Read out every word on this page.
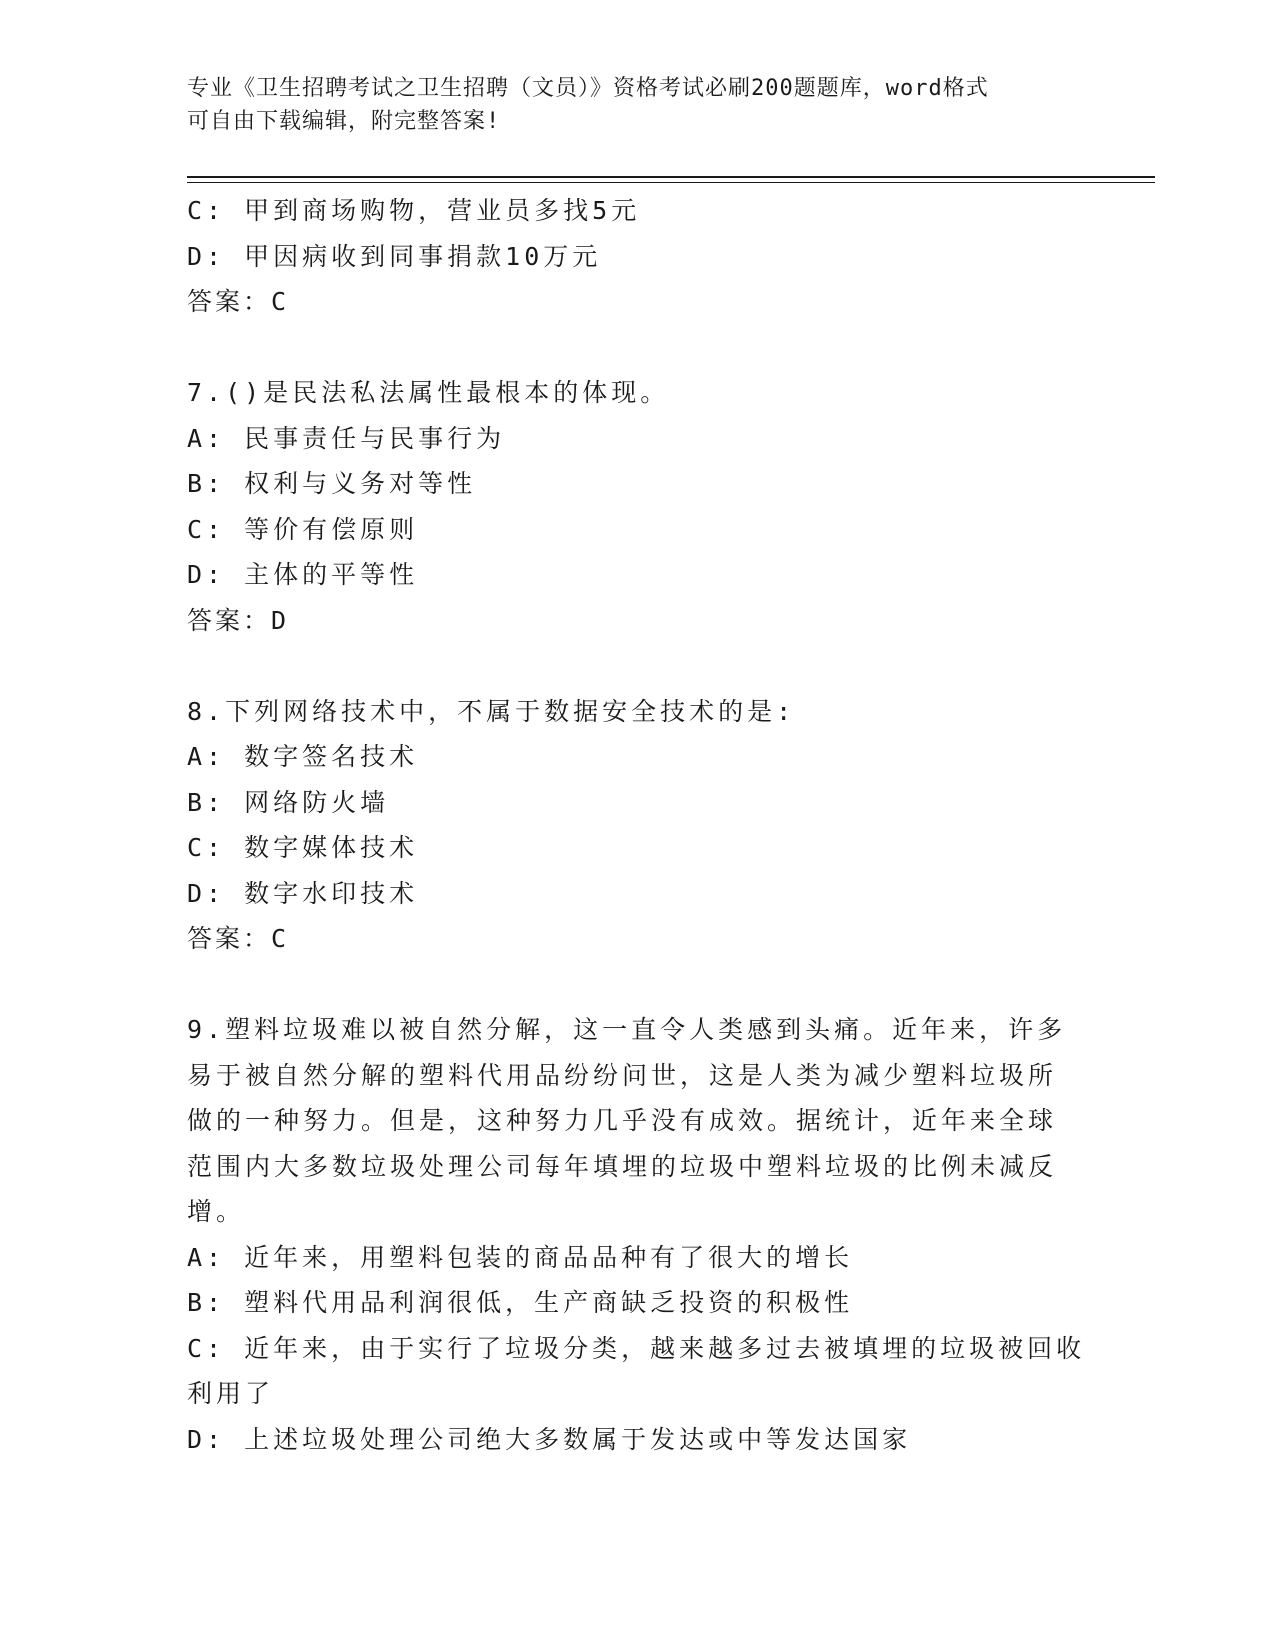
专业《卫生招聘考试之卫生招聘（文员）》资格考试必刷200题题库，word格式
可自由下载编辑，附完整答案!
C: 甲到商场购物，营业员多找5元
D: 甲因病收到同事捐款10万元
答案：C
7.()是民法私法属性最根本的体现。
A: 民事责任与民事行为
B: 权利与义务对等性
C: 等价有偿原则
D: 主体的平等性
答案：D
8.下列网络技术中，不属于数据安全技术的是:
A: 数字签名技术
B: 网络防火墙
C: 数字媒体技术
D: 数字水印技术
答案：C
9.塑料垃圾难以被自然分解，这一直令人类感到头痛。近年来，许多
易于被自然分解的塑料代用品纷纷问世，这是人类为减少塑料垃圾所
做的一种努力。但是，这种努力几乎没有成效。据统计，近年来全球
范围内大多数垃圾处理公司每年填埋的垃圾中塑料垃圾的比例未减反
增。
A: 近年来，用塑料包装的商品品种有了很大的增长
B: 塑料代用品利润很低，生产商缺乏投资的积极性
C: 近年来，由于实行了垃圾分类，越来越多过去被填埋的垃圾被回收
利用了
D: 上述垃圾处理公司绝大多数属于发达或中等发达国家
